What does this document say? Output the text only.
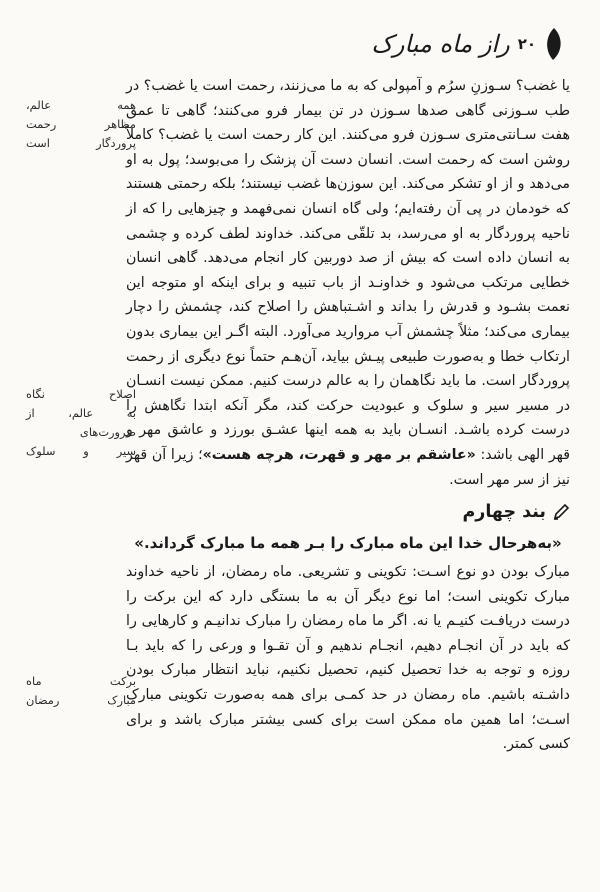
۲۰
راز ماه مبارک

یا غضب؟ سـوزنِ سرُم و آمپولی که به ما می‌زنند، رحمت است یا غضب؟ در طب سـوزنی گاهی صدها سـوزن در تن بیمار فرو می‌کنند؛ گاهی تا عمق هفت سـانتی‌متری سـوزن فرو می‌کنند. این کار رحمت است یا غضب؟ کاملاً روشن است که رحمت است. انسان دست آن پزشک را می‌بوسد؛ پول به او می‌دهد و از او تشکر می‌کند. این سوزن‌ها غضب نیستند؛ بلکه رحمتی هستند که خودمان در پی آن رفته‌ایم؛ ولی گاه انسان نمی‌فهمد و چیزهایی را که از ناحیه پروردگار به او می‌رسد، بد تلقّی می‌کند. خداوند لطف کرده و چشمی به انسان داده است که بیش از صد دوربین کار انجام می‌دهد. گاهی انسان خطایی مرتکب می‌شود و خداونـد از باب تنبیه و برای اینکه او متوجه این نعمت بشـود و قدرش را بداند و اشـتباهش را اصلاح کند، چشمش را دچار بیماری می‌کند؛ مثلاً چشمش آب مروارید می‌آورد. البته اگـر این بیماری بدون ارتکاب خطا و به‌صورت طبیعی پیـش بیاید، آن‌هـم حتماً نوع دیگری از رحمت پروردگار است. ما باید نگاهمان را به عالم درست کنیم. ممکن نیست انسـان در مسیر سیر و سلوک و عبودیت حرکت کند، مگر آنکه ابتدا نگاهش را درست کرده باشـد. انسـان باید به همه اینها عشـق بورزد و عاشق مهر و قهر الهی باشد: «عاشقم بر مهر و قهرت، هرچه هست»؛ زیرا آن قهر نیز از سر مهر است.

بند چهارم
«به‌هرحال خدا این ماه مبارک را بـر همه ما مبارک گرداند.»

مبارک بودن دو نوع اسـت: تکوینی و تشریعی. ماه رمضان، از ناحیه خداوند مبارک تکوینی است؛ اما نوع دیگر آن به ما بستگی دارد که این برکت را درست دریافـت کنیـم یا نه. اگر ما ماه رمضان را مبارک ندانیـم و کارهایی را که باید در آن انجـام دهیم، انجـام ندهیم و آن تقـوا و ورعی را که باید بـا روزه و توجه به خدا تحصیل کنیم، تحصیل نکنیم، نباید انتظار مبارک بودن داشـته باشیم. ماه رمضان در حد کمـی برای همه به‌صورت تکوینی مبارک اسـت؛ اما همین ماه ممکن است برای کسی بیشتر مبارک باشد و برای کسی کمتر.

همه عالم،
مظاهر رحمت
پروردگار است
اصلاح نگاه
به عالم، از
ضرورت‌های
سیر و سلوک
برکت ماه
مبارک رمضان
